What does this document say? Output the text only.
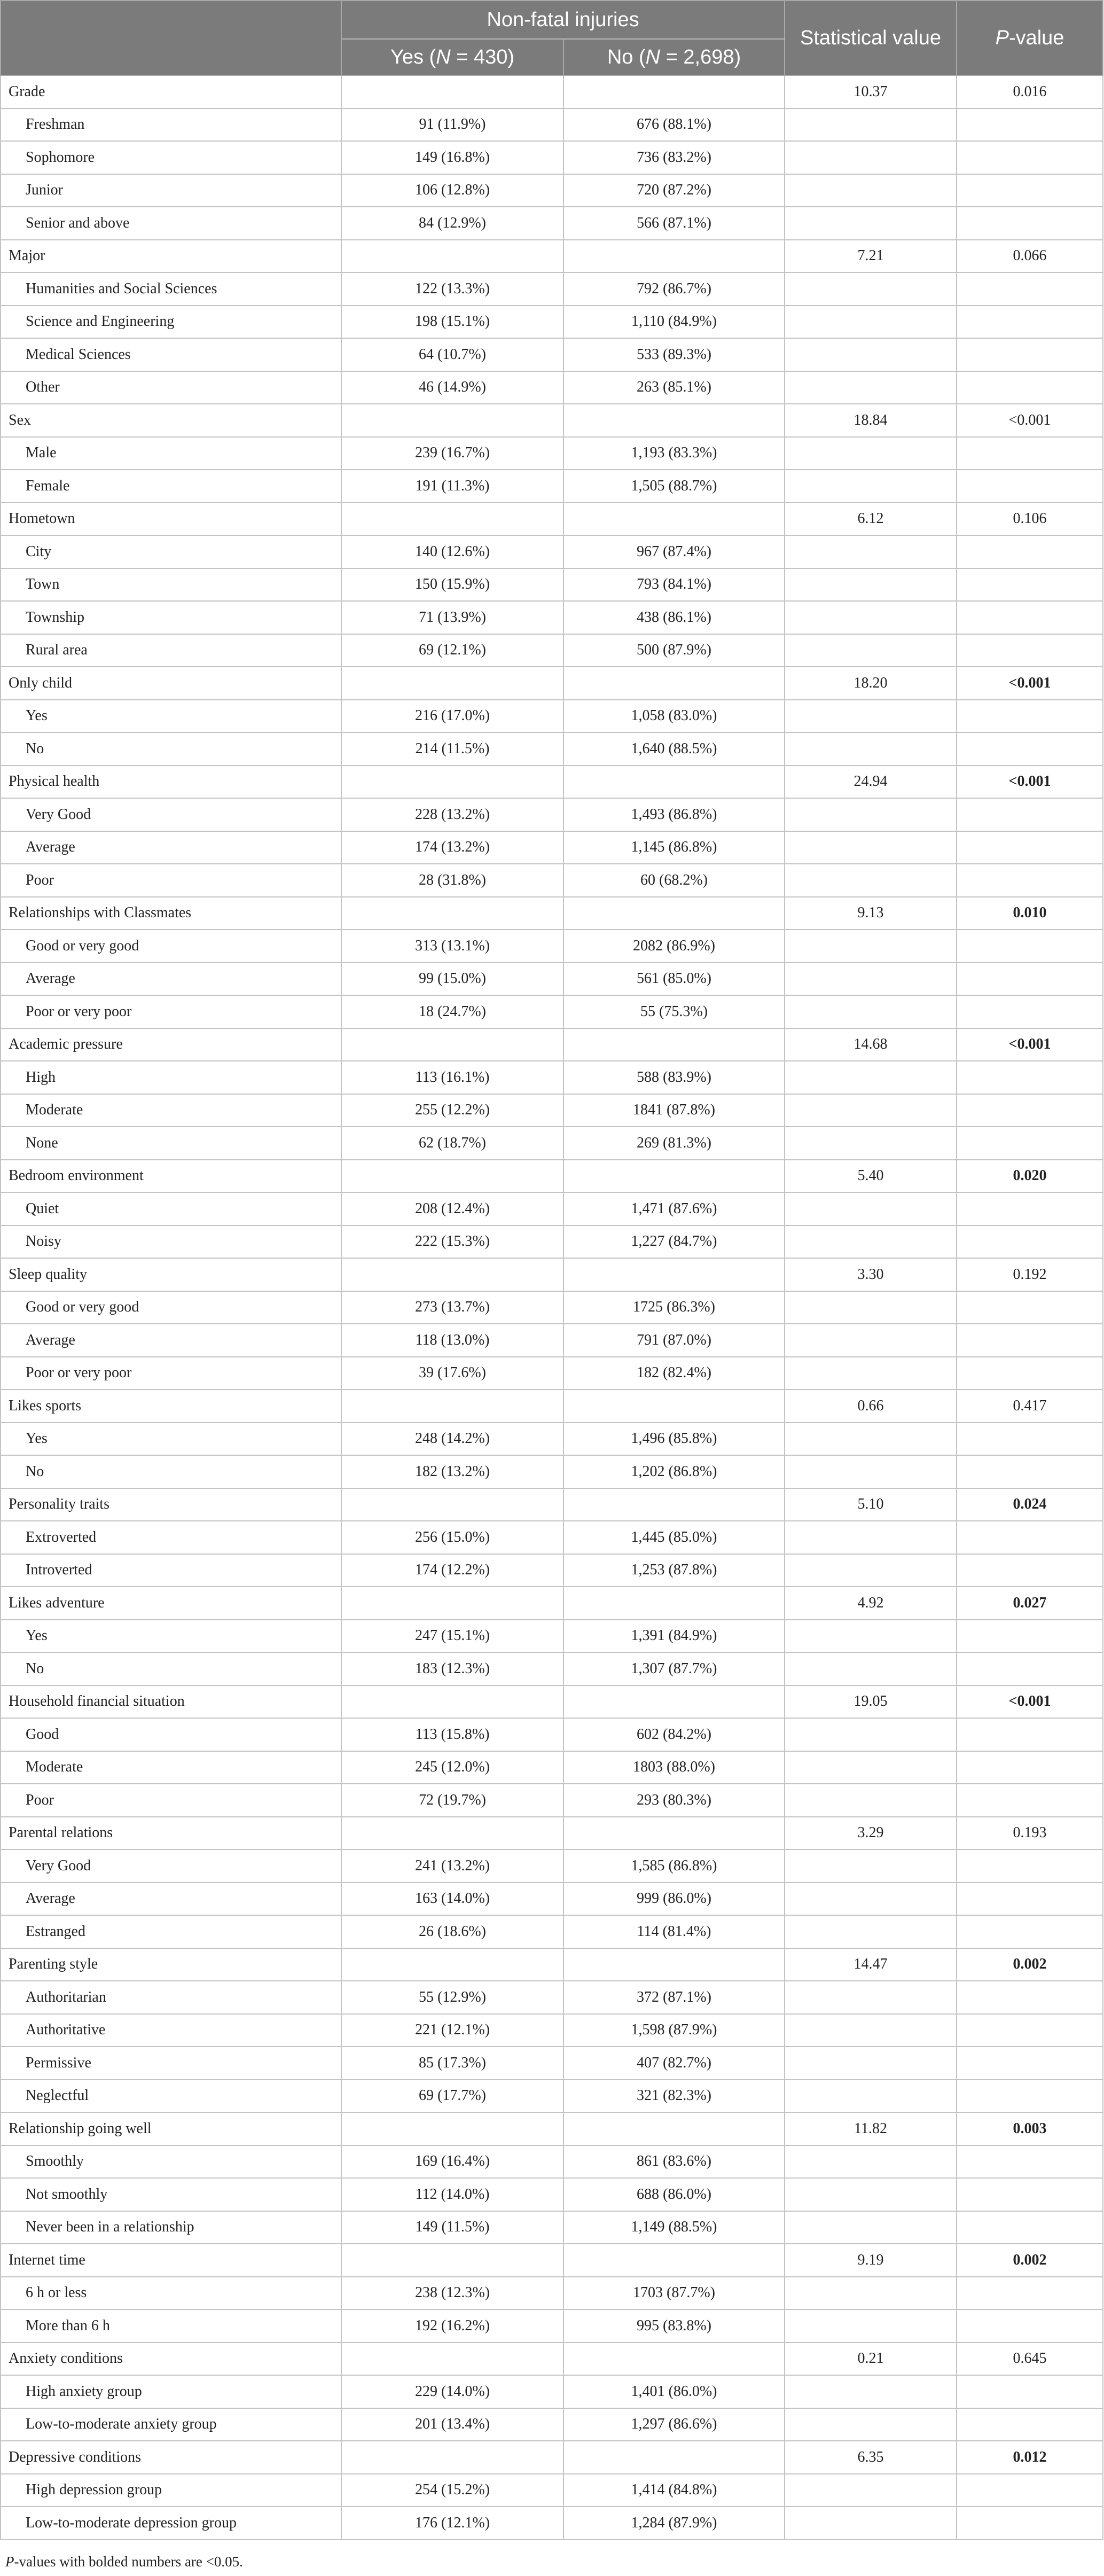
	Non-fatal injuries		Statistical value	P-value
	Yes (N = 430)	No (N = 2,698)		
Grade			10.37	0.016
Freshman	91 (11.9%)	676 (88.1%)		
Sophomore	149 (16.8%)	736 (83.2%)		
Junior	106 (12.8%)	720 (87.2%)		
Senior and above	84 (12.9%)	566 (87.1%)		
Major			7.21	0.066
Humanities and Social Sciences	122 (13.3%)	792 (86.7%)		
Science and Engineering	198 (15.1%)	1,110 (84.9%)		
Medical Sciences	64 (10.7%)	533 (89.3%)		
Other	46 (14.9%)	263 (85.1%)		
Sex			18.84	<0.001
Male	239 (16.7%)	1,193 (83.3%)		
Female	191 (11.3%)	1,505 (88.7%)		
Hometown			6.12	0.106
City	140 (12.6%)	967 (87.4%)		
Town	150 (15.9%)	793 (84.1%)		
Township	71 (13.9%)	438 (86.1%)		
Rural area	69 (12.1%)	500 (87.9%)		
Only child			18.20	<0.001
Yes	216 (17.0%)	1,058 (83.0%)		
No	214 (11.5%)	1,640 (88.5%)		
Physical health			24.94	<0.001
Very Good	228 (13.2%)	1,493 (86.8%)		
Average	174 (13.2%)	1,145 (86.8%)		
Poor	28 (31.8%)	60 (68.2%)		
Relationships with Classmates			9.13	0.010
Good or very good	313 (13.1%)	2082 (86.9%)		
Average	99 (15.0%)	561 (85.0%)		
Poor or very poor	18 (24.7%)	55 (75.3%)		
Academic pressure			14.68	<0.001
High	113 (16.1%)	588 (83.9%)		
Moderate	255 (12.2%)	1841 (87.8%)		
None	62 (18.7%)	269 (81.3%)		
Bedroom environment			5.40	0.020
Quiet	208 (12.4%)	1,471 (87.6%)		
Noisy	222 (15.3%)	1,227 (84.7%)		
Sleep quality			3.30	0.192
Good or very good	273 (13.7%)	1725 (86.3%)		
Average	118 (13.0%)	791 (87.0%)		
Poor or very poor	39 (17.6%)	182 (82.4%)		
Likes sports			0.66	0.417
Yes	248 (14.2%)	1,496 (85.8%)		
No	182 (13.2%)	1,202 (86.8%)		
Personality traits			5.10	0.024
Extroverted	256 (15.0%)	1,445 (85.0%)		
Introverted	174 (12.2%)	1,253 (87.8%)		
Likes adventure			4.92	0.027
Yes	247 (15.1%)	1,391 (84.9%)		
No	183 (12.3%)	1,307 (87.7%)		
Household financial situation			19.05	<0.001
Good	113 (15.8%)	602 (84.2%)		
Moderate	245 (12.0%)	1803 (88.0%)		
Poor	72 (19.7%)	293 (80.3%)		
Parental relations			3.29	0.193
Very Good	241 (13.2%)	1,585 (86.8%)		
Average	163 (14.0%)	999 (86.0%)		
Estranged	26 (18.6%)	114 (81.4%)		
Parenting style			14.47	0.002
Authoritarian	55 (12.9%)	372 (87.1%)		
Authoritative	221 (12.1%)	1,598 (87.9%)		
Permissive	85 (17.3%)	407 (82.7%)		
Neglectful	69 (17.7%)	321 (82.3%)		
Relationship going well			11.82	0.003
Smoothly	169 (16.4%)	861 (83.6%)		
Not smoothly	112 (14.0%)	688 (86.0%)		
Never been in a relationship	149 (11.5%)	1,149 (88.5%)		
Internet time			9.19	0.002
6 h or less	238 (12.3%)	1703 (87.7%)		
More than 6 h	192 (16.2%)	995 (83.8%)		
Anxiety conditions			0.21	0.645
High anxiety group	229 (14.0%)	1,401 (86.0%)		
Low-to-moderate anxiety group	201 (13.4%)	1,297 (86.6%)		
Depressive conditions			6.35	0.012
High depression group	254 (15.2%)	1,414 (84.8%)		
Low-to-moderate depression group	176 (12.1%)	1,284 (87.9%)		
P-values with bolded numbers are <0.05.
